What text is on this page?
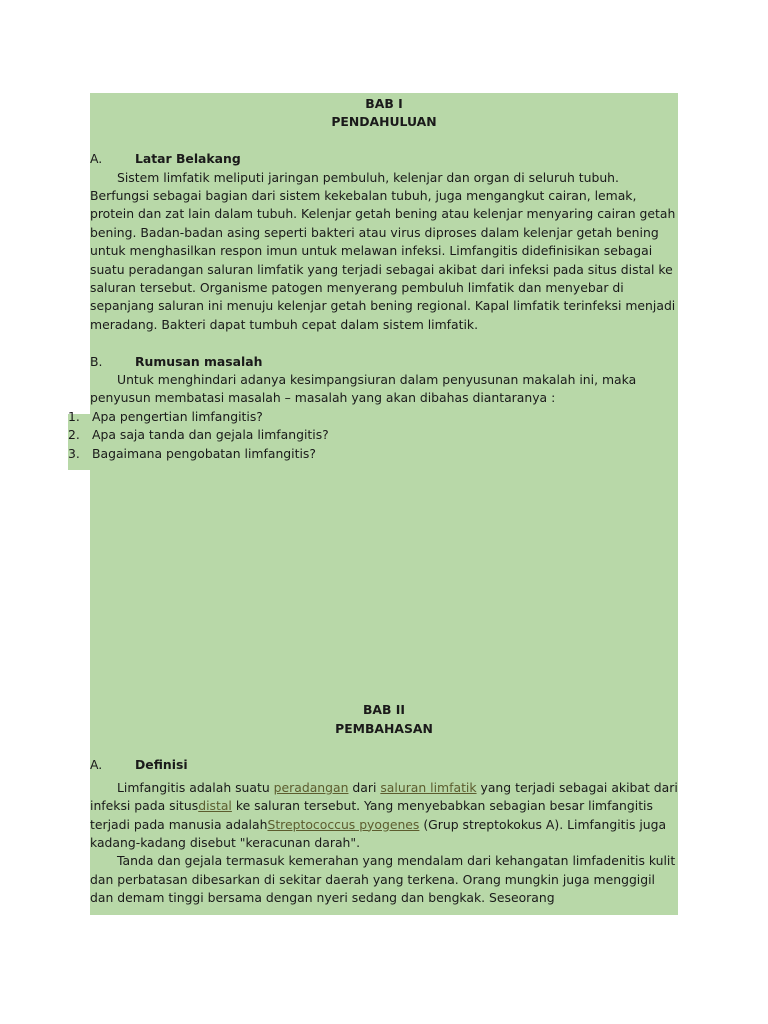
BAB I
PENDAHULUAN
A.	Latar Belakang

Sistem limfatik meliputi jaringan pembuluh, kelenjar dan organ di seluruh tubuh. Berfungsi sebagai bagian dari sistem kekebalan tubuh, juga mengangkut cairan, lemak, protein dan zat lain dalam tubuh. Kelenjar getah bening atau kelenjar menyaring cairan getah bening. Badan-badan asing seperti bakteri atau virus diproses dalam kelenjar getah bening untuk menghasilkan respon imun untuk melawan infeksi. Limfangitis didefinisikan sebagai suatu peradangan saluran limfatik yang terjadi sebagai akibat dari infeksi pada situs distal ke saluran tersebut. Organisme patogen menyerang pembuluh limfatik dan menyebar di sepanjang saluran ini menuju kelenjar getah bening regional. Kapal limfatik terinfeksi menjadi meradang. Bakteri dapat tumbuh cepat dalam sistem limfatik.

B.	Rumusan masalah

Untuk menghindari adanya kesimpangsiuran dalam penyusunan makalah ini, maka penyusun membatasi masalah – masalah yang akan dibahas diantaranya :

1. Apa pengertian limfangitis?
2. Apa saja tanda dan gejala limfangitis?
3. Bagaimana pengobatan limfangitis?
BAB II
PEMBAHASAN
A.	Definisi

Limfangitis adalah suatu peradangan dari saluran limfatik yang terjadi sebagai akibat dari infeksi pada situsdistal ke saluran tersebut. Yang menyebabkan sebagian besar limfangitis terjadi pada manusia adalahStreptococcus pyogenes (Grup streptokokus A). Limfangitis juga kadang-kadang disebut "keracunan darah".

Tanda dan gejala termasuk kemerahan yang mendalam dari kehangatan limfadenitis kulit dan perbatasan dibesarkan di sekitar daerah yang terkena. Orang mungkin juga menggigil dan demam tinggi bersama dengan nyeri sedang dan bengkak. Seseorang
